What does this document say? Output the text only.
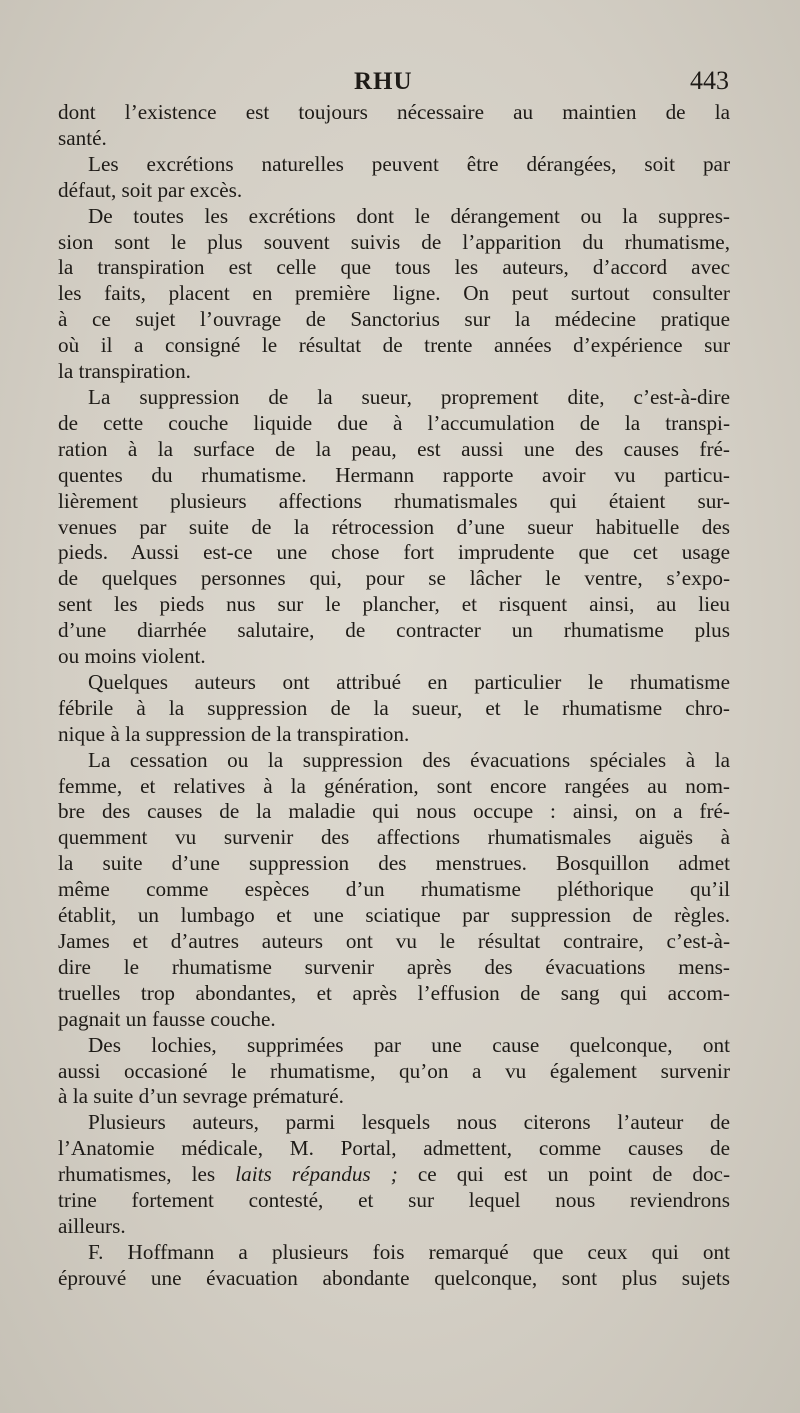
RHU	443
dont l’existence est toujours nécessaire au maintien de la
santé.
Les excrétions naturelles peuvent être dérangées, soit par
défaut, soit par excès.
De toutes les excrétions dont le dérangement ou la suppres-
sion sont le plus souvent suivis de l’apparition du rhumatisme,
la transpiration est celle que tous les auteurs, d’accord avec
les faits, placent en première ligne. On peut surtout consulter
à ce sujet l’ouvrage de Sanctorius sur la médecine pratique
où il a consigné le résultat de trente années d’expérience sur
la transpiration.
La suppression de la sueur, proprement dite, c’est-à-dire
de cette couche liquide due à l’accumulation de la transpi-
ration à la surface de la peau, est aussi une des causes fré-
quentes du rhumatisme. Hermann rapporte avoir vu particu-
lièrement plusieurs affections rhumatismales qui étaient sur-
venues par suite de la rétrocession d’une sueur habituelle des
pieds. Aussi est-ce une chose fort imprudente que cet usage
de quelques personnes qui, pour se lâcher le ventre, s’expo-
sent les pieds nus sur le plancher, et risquent ainsi, au lieu
d’une diarrhée salutaire, de contracter un rhumatisme plus
ou moins violent.
Quelques auteurs ont attribué en particulier le rhumatisme
fébrile à la suppression de la sueur, et le rhumatisme chro-
nique à la suppression de la transpiration.
La cessation ou la suppression des évacuations spéciales à la
femme, et relatives à la génération, sont encore rangées au nom-
bre des causes de la maladie qui nous occupe : ainsi, on a fré-
quemment vu survenir des affections rhumatismales aiguës à
la suite d’une suppression des menstrues. Bosquillon admet
même comme espèces d’un rhumatisme pléthorique qu’il
établit, un lumbago et une sciatique par suppression de règles.
James et d’autres auteurs ont vu le résultat contraire, c’est-à-
dire le rhumatisme survenir après des évacuations mens-
truelles trop abondantes, et après l’effusion de sang qui accom-
pagnait un fausse couche.
Des lochies, supprimées par une cause quelconque, ont
aussi occasioné le rhumatisme, qu’on a vu également survenir
à la suite d’un sevrage prématuré.
Plusieurs auteurs, parmi lesquels nous citerons l’auteur de
l’Anatomie médicale, M. Portal, admettent, comme causes de
rhumatismes, les laits répandus ; ce qui est un point de doc-
trine fortement contesté, et sur lequel nous reviendrons
ailleurs.
F. Hoffmann a plusieurs fois remarqué que ceux qui ont
éprouvé une évacuation abondante quelconque, sont plus sujets
